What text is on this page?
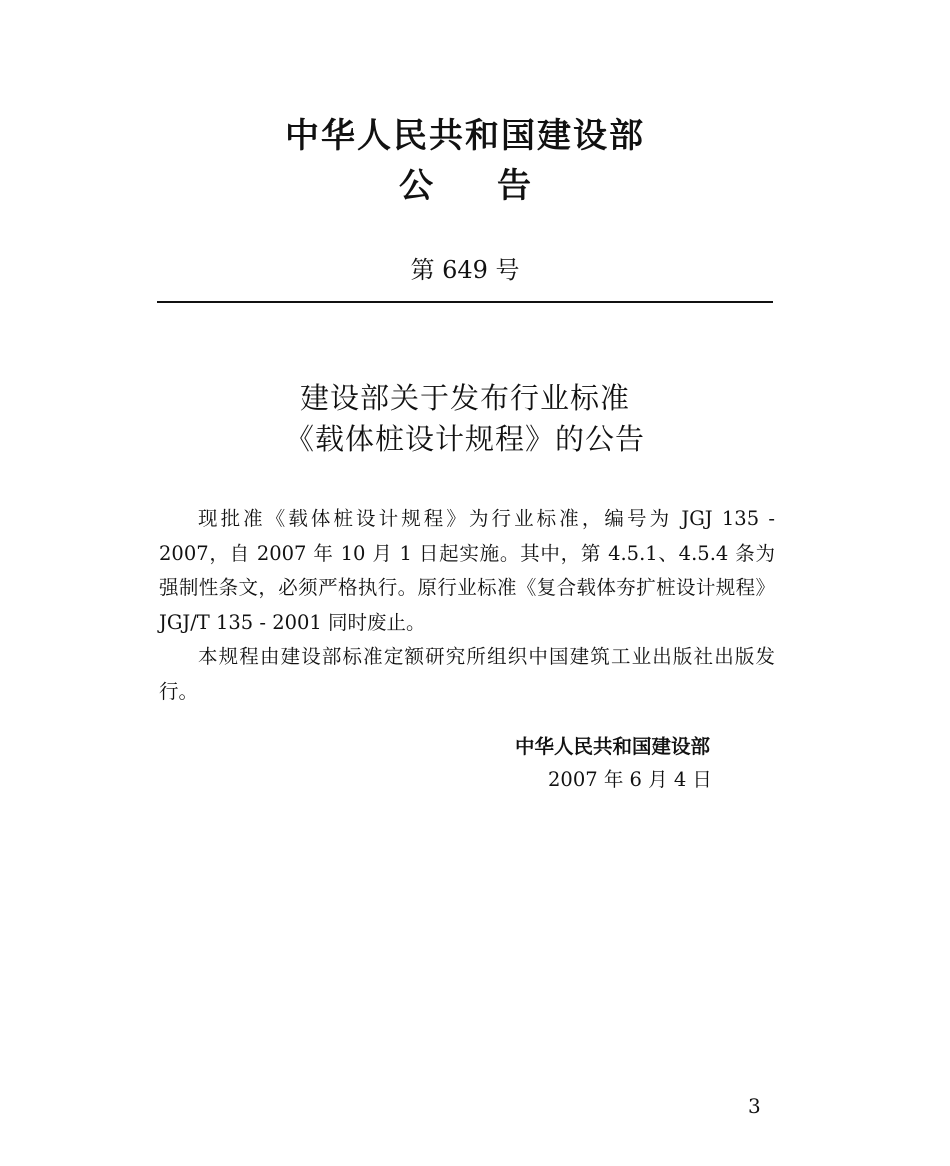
中华人民共和国建设部
公 告
第 649 号
建设部关于发布行业标准
《载体桩设计规程》的公告

现批准《载体桩设计规程》为行业标准，编号为 JGJ 135 - 2007，自 2007 年 10 月 1 日起实施。其中，第 4.5.1、4.5.4 条为强制性条文，必须严格执行。原行业标准《复合载体夯扩桩设计规程》JGJ/T 135 - 2001 同时废止。

本规程由建设部标准定额研究所组织中国建筑工业出版社出版发行。

中华人民共和国建设部
2007 年 6 月 4 日
3
